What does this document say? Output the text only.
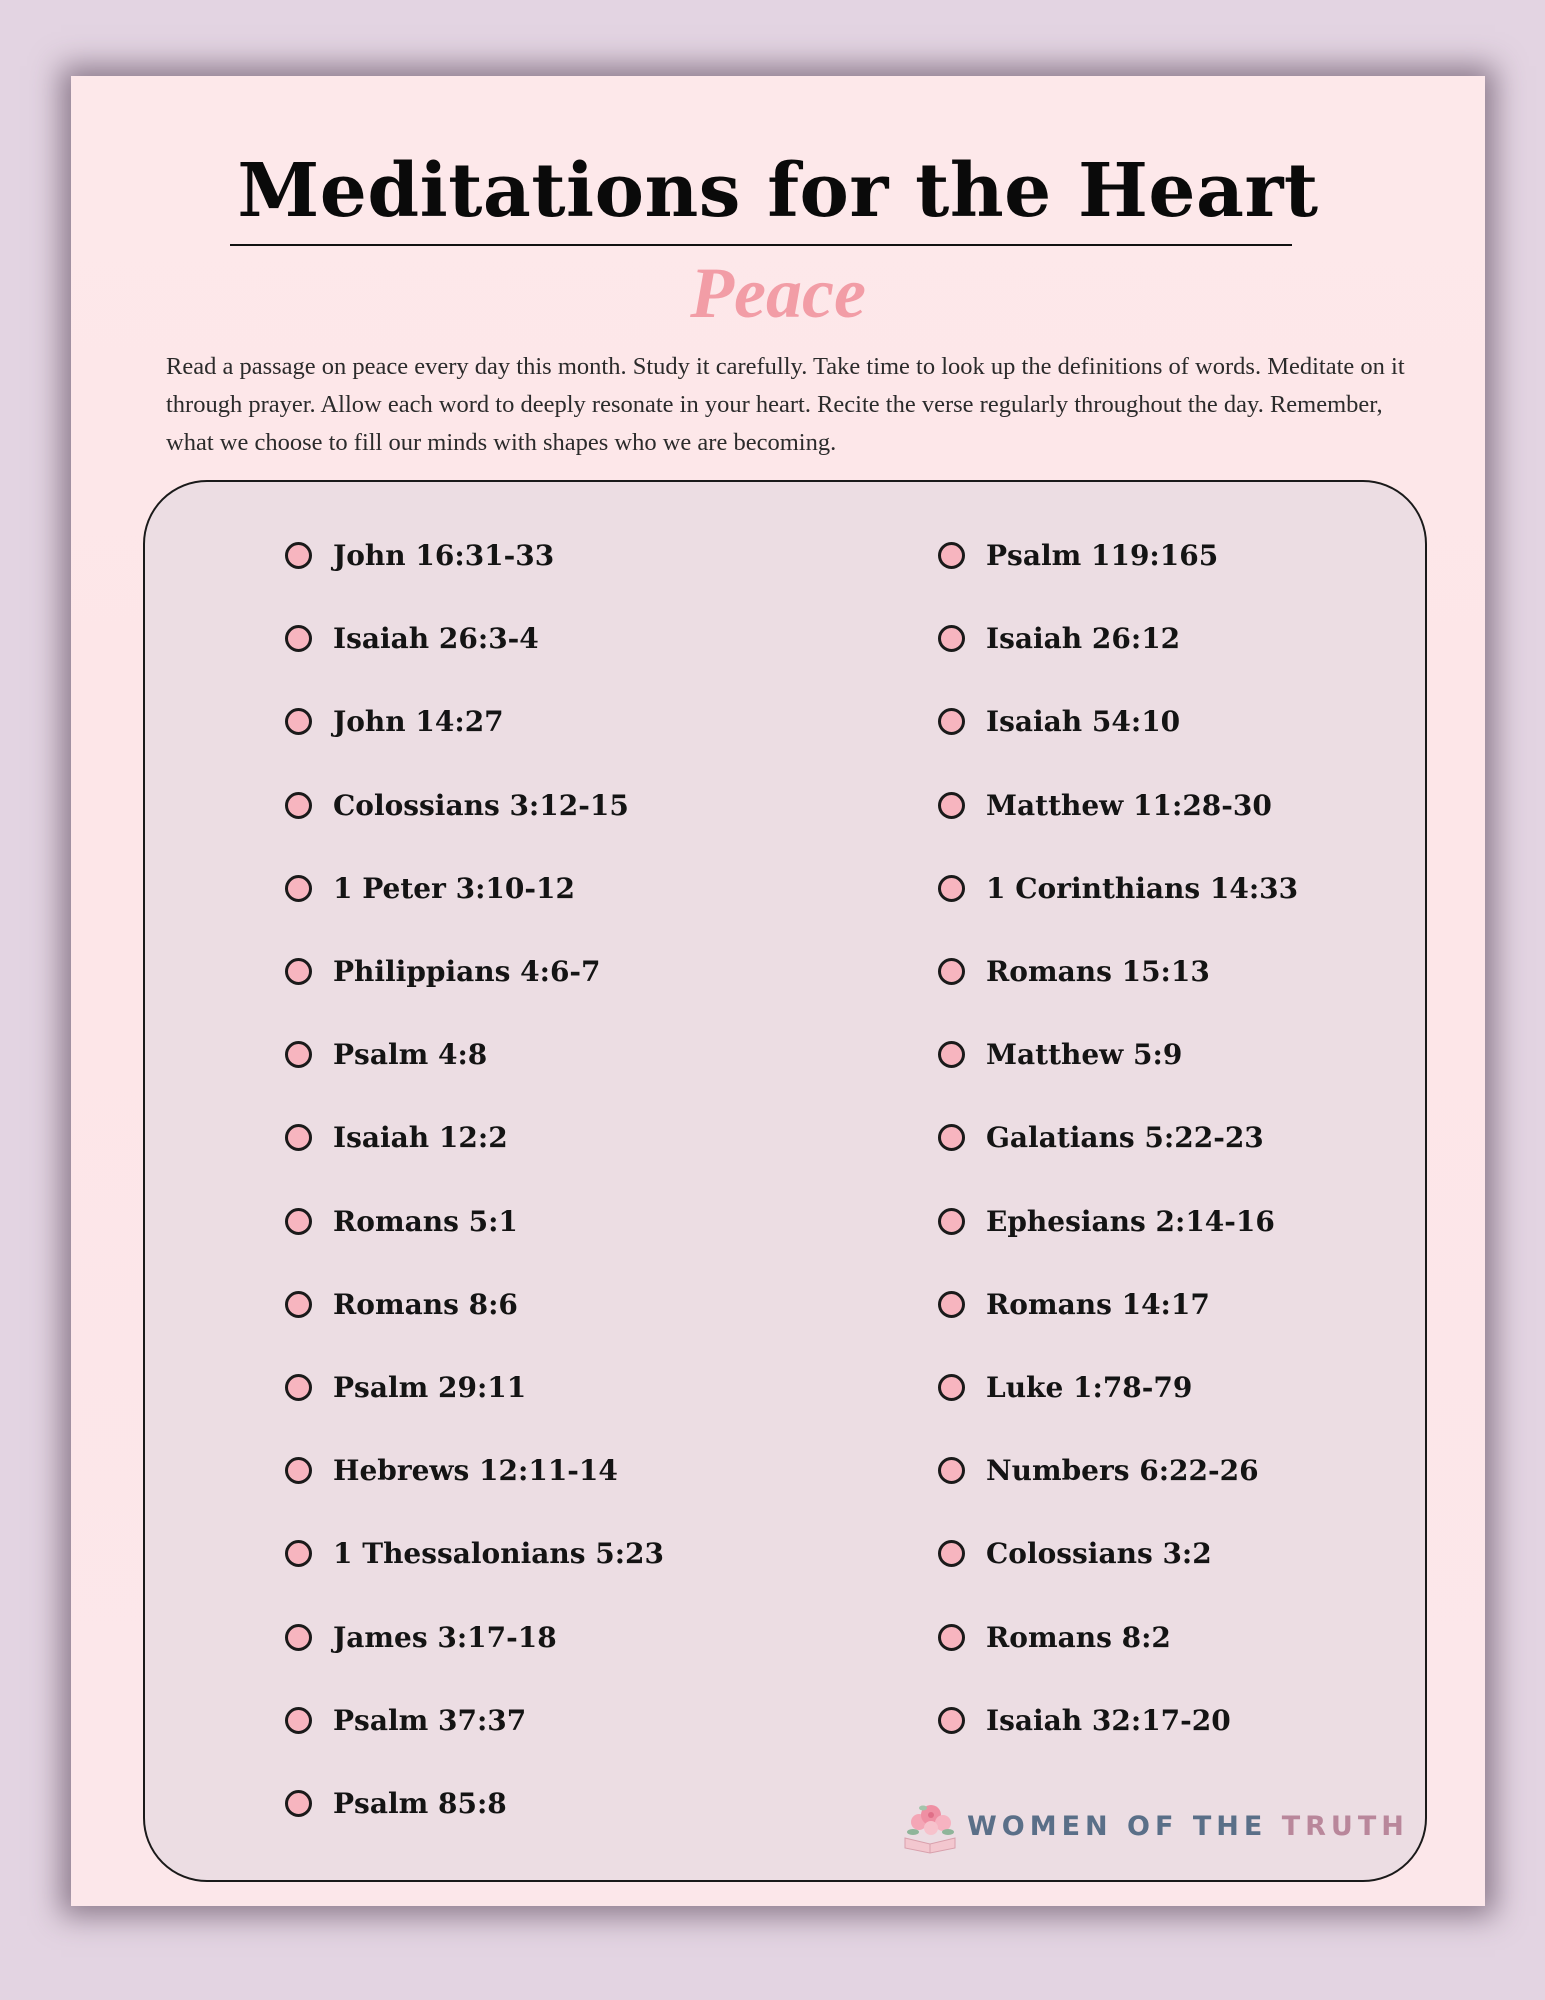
Meditations for the Heart
Peace

Read a passage on peace every day this month. Study it carefully. Take time to look up the definitions of words. Meditate on it through prayer. Allow each word to deeply resonate in your heart. Recite the verse regularly throughout the day. Remember, what we choose to fill our minds with shapes who we are becoming.

John 16:31-33
Isaiah 26:3-4
John 14:27
Colossians 3:12-15
1 Peter 3:10-12
Philippians 4:6-7
Psalm 4:8
Isaiah 12:2
Romans 5:1
Romans 8:6
Psalm 29:11
Hebrews 12:11-14
1 Thessalonians 5:23
James 3:17-18
Psalm 37:37
Psalm 85:8
Psalm 119:165
Isaiah 26:12
Isaiah 54:10
Matthew 11:28-30
1 Corinthians 14:33
Romans 15:13
Matthew 5:9
Galatians 5:22-23
Ephesians 2:14-16
Romans 14:17
Luke 1:78-79
Numbers 6:22-26
Colossians 3:2
Romans 8:2
Isaiah 32:17-20
WOMEN OF THE TRUTH
